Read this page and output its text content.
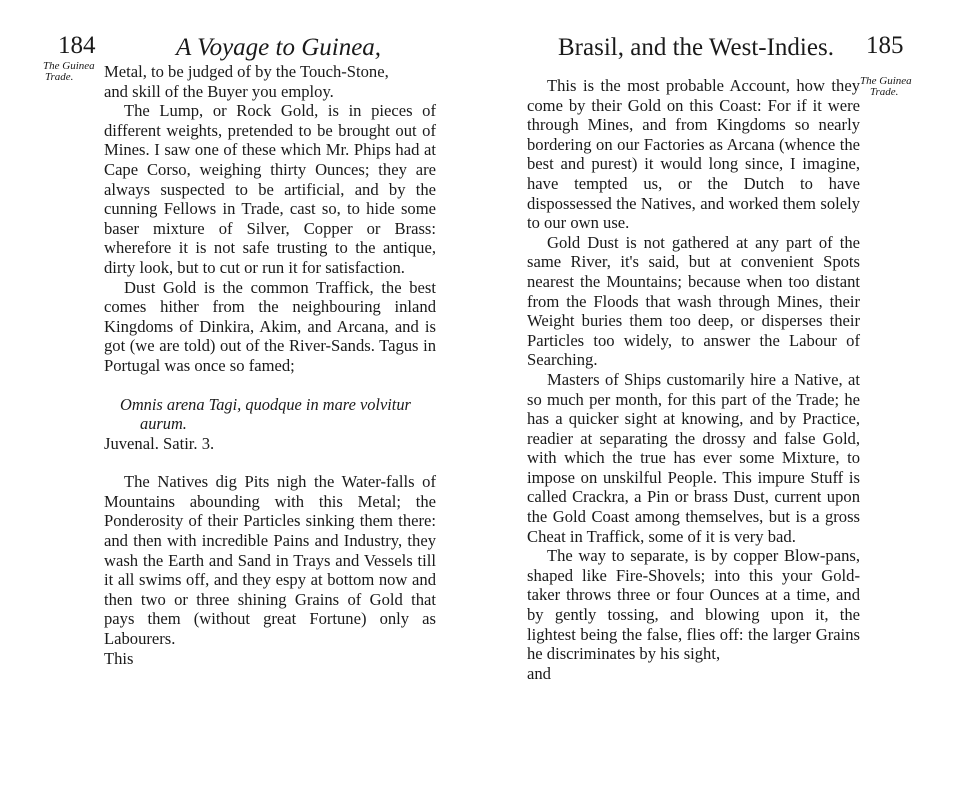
184	A Voyage to Guinea,
The Guinea
Trade.	Metal, to be judged of by the Touch-Stone,

and skill of the Buyer you employ.

The Lump, or Rock Gold, is in pieces of different weights, pretended to be brought out of Mines. I saw one of these which Mr. Phips had at Cape Corso, weighing thirty Ounces; they are always suspected to be artificial, and by the cunning Fellows in Trade, cast so, to hide some baser mixture of Silver, Copper or Brass: wherefore it is not safe trusting to the antique, dirty look, but to cut or run it for satisfaction.

Dust Gold is the common Traffick, the best comes hither from the neighbouring inland Kingdoms of Dinkira, Akim, and Arcana, and is got (we are told) out of the River-Sands. Tagus in Portugal was once so famed;

Omnis arena Tagi, quodque in mare volvitur
aurum.

Juvenal. Satir. 3.

The Natives dig Pits nigh the Water-falls of Mountains abounding with this Metal; the Ponderosity of their Particles sinking them there: and then with incredible Pains and Industry, they wash the Earth and Sand in Trays and Vessels till it all swims off, and they espy at bottom now and then two or three shining Grains of Gold that pays them (without great Fortune) only as Labourers.

This

Brasil, and the West-Indies. 185
The Guinea
Trade.

This is the most probable Account, how they come by their Gold on this Coast: For if it were through Mines, and from Kingdoms so nearly bordering on our Factories as Arcana (whence the best and purest) it would long since, I imagine, have tempted us, or the Dutch to have dispossessed the Natives, and worked them solely to our own use.

Gold Dust is not gathered at any part of the same River, it's said, but at convenient Spots nearest the Mountains; because when too distant from the Floods that wash through Mines, their Weight buries them too deep, or disperses their Particles too widely, to answer the Labour of Searching.

Masters of Ships customarily hire a Native, at so much per month, for this part of the Trade; he has a quicker sight at knowing, and by Practice, readier at separating the drossy and false Gold, with which the true has ever some Mixture, to impose on unskilful People. This impure Stuff is called Crackra, a Pin or brass Dust, current upon the Gold Coast among themselves, but is a gross Cheat in Traffick, some of it is very bad.

The way to separate, is by copper Blow-pans, shaped like Fire-Shovels; into this your Gold-taker throws three or four Ounces at a time, and by gently tossing, and blowing upon it, the lightest being the false, flies off: the larger Grains he discriminates by his sight,

and
